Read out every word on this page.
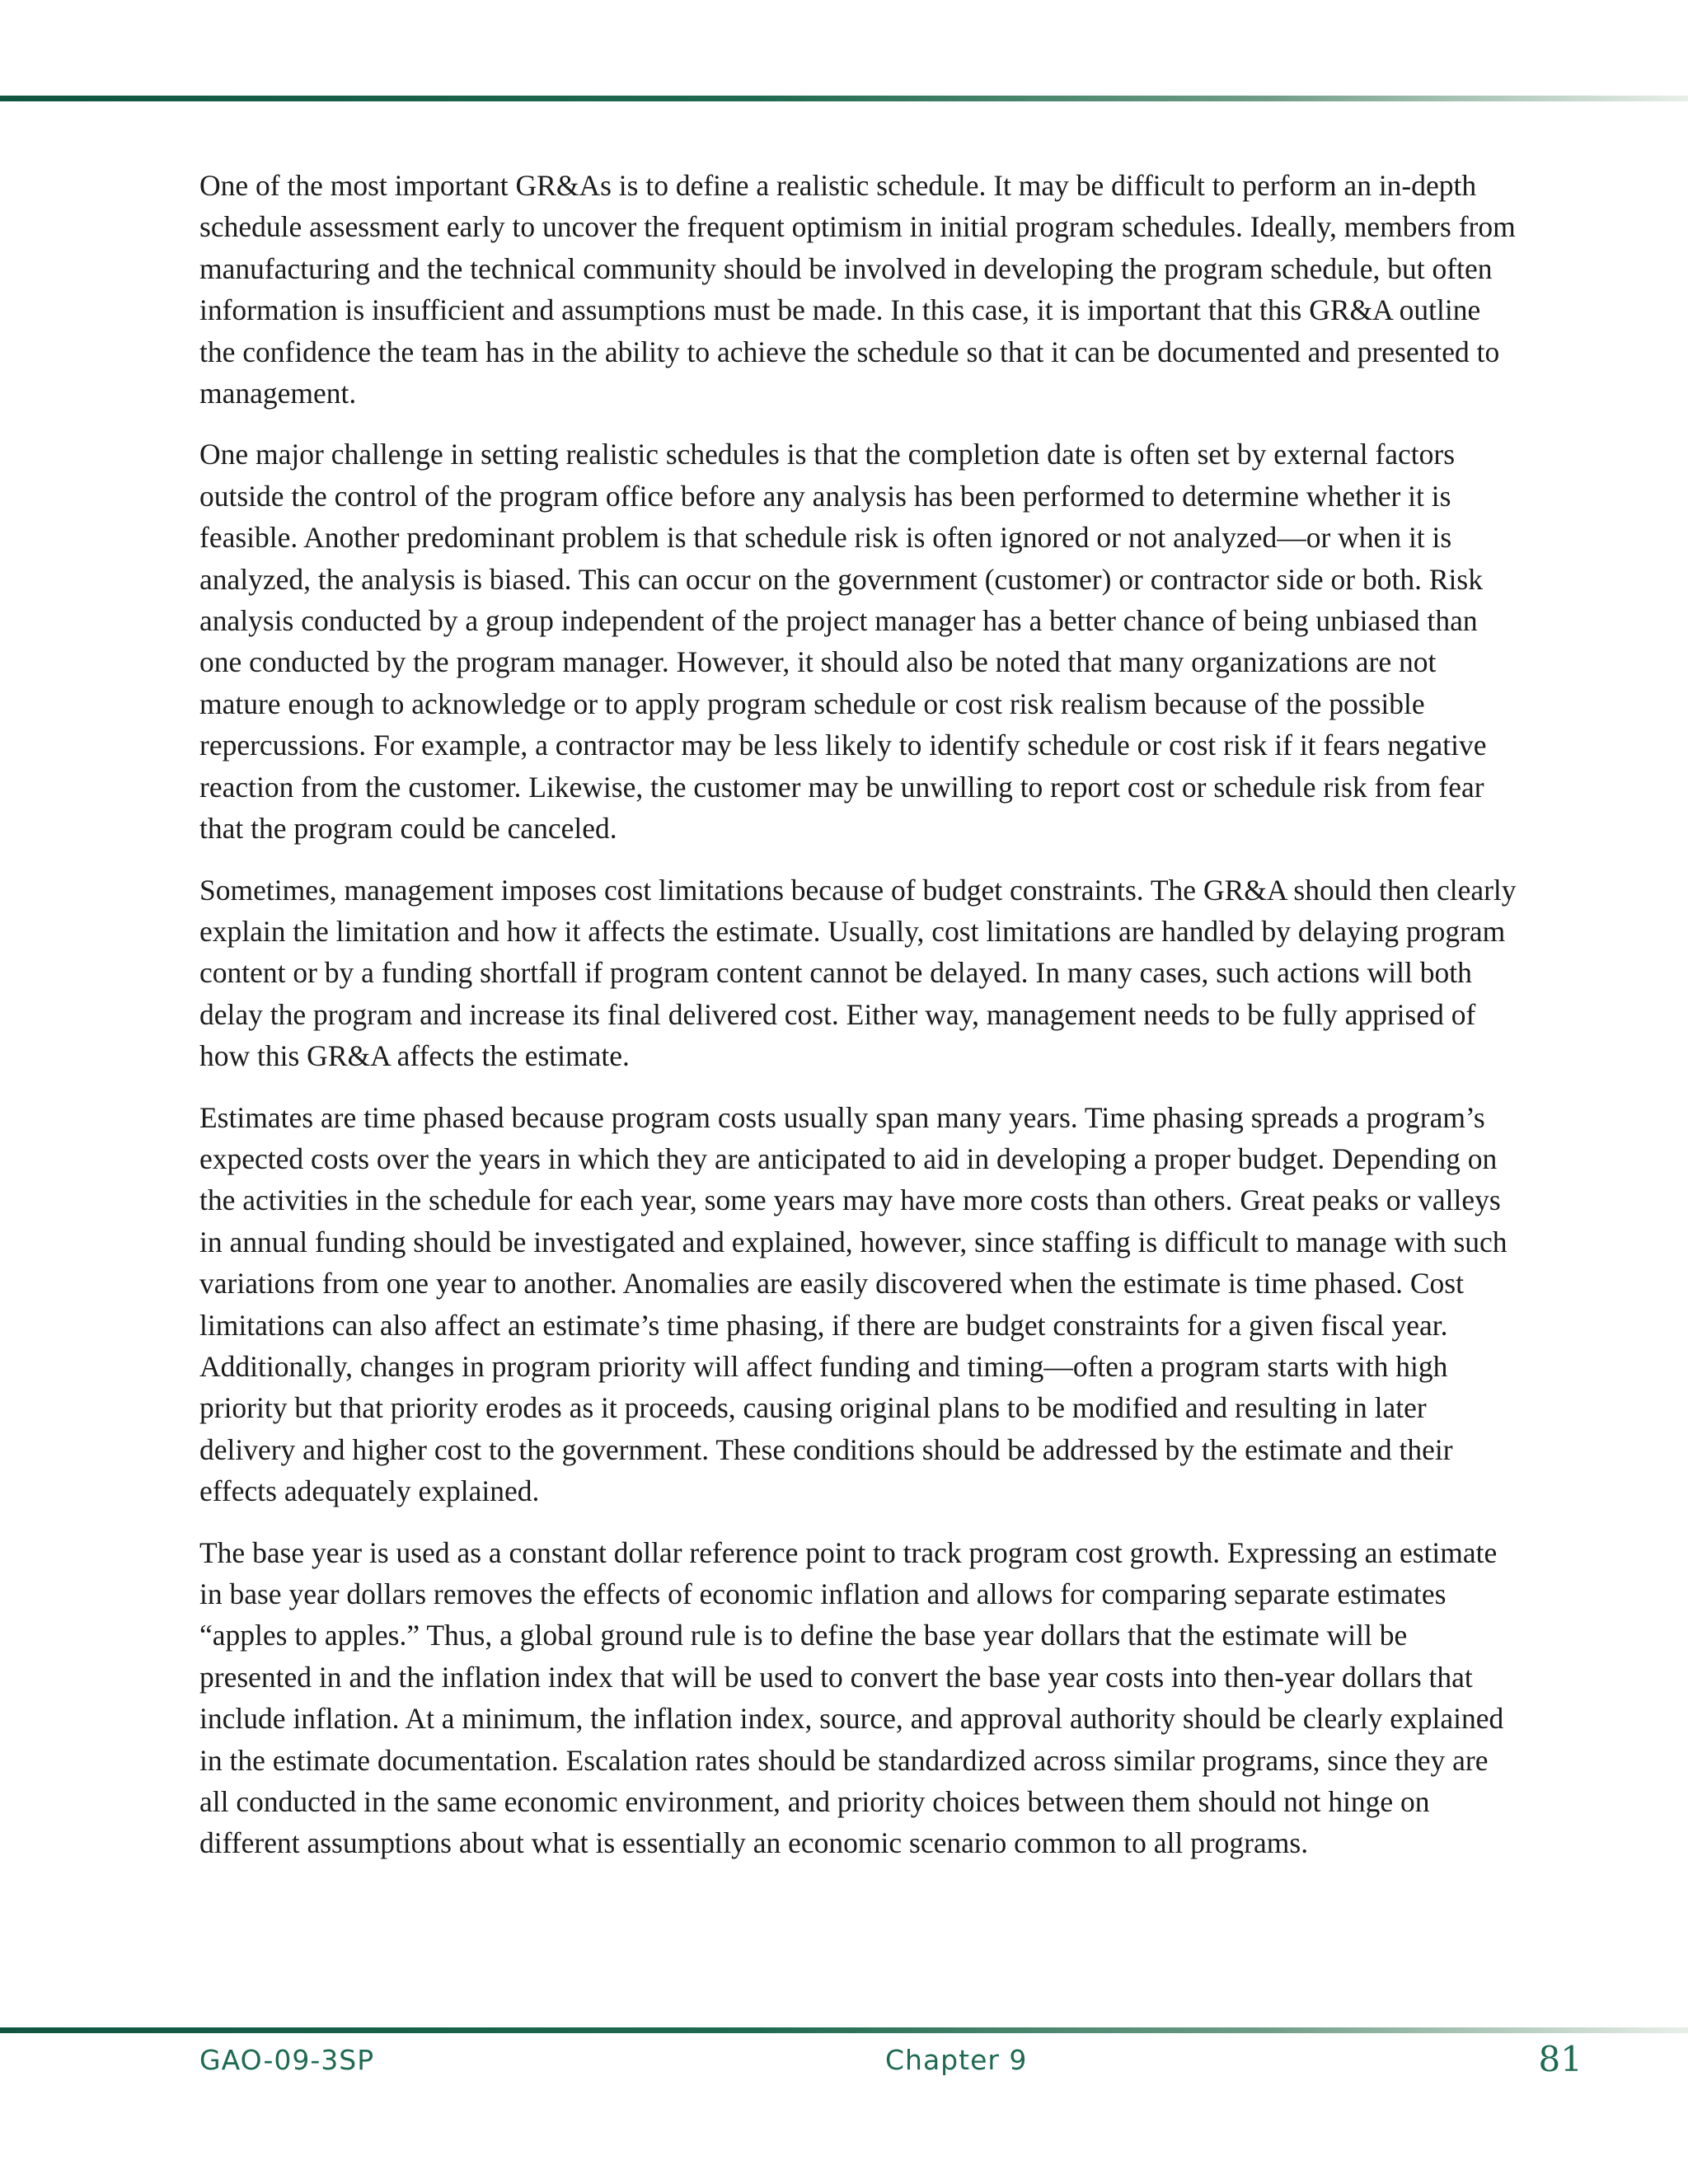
One of the most important GR&As is to define a realistic schedule. It may be difficult to perform an in-depth schedule assessment early to uncover the frequent optimism in initial program schedules. Ideally, members from manufacturing and the technical community should be involved in developing the program schedule, but often information is insufficient and assumptions must be made. In this case, it is important that this GR&A outline the confidence the team has in the ability to achieve the schedule so that it can be documented and presented to management.

One major challenge in setting realistic schedules is that the completion date is often set by external factors outside the control of the program office before any analysis has been performed to determine whether it is feasible. Another predominant problem is that schedule risk is often ignored or not analyzed—or when it is analyzed, the analysis is biased. This can occur on the government (customer) or contractor side or both. Risk analysis conducted by a group independent of the project manager has a better chance of being unbiased than one conducted by the program manager. However, it should also be noted that many organizations are not mature enough to acknowledge or to apply program schedule or cost risk realism because of the possible repercussions. For example, a contractor may be less likely to identify schedule or cost risk if it fears negative reaction from the customer. Likewise, the customer may be unwilling to report cost or schedule risk from fear that the program could be canceled.

Sometimes, management imposes cost limitations because of budget constraints. The GR&A should then clearly explain the limitation and how it affects the estimate. Usually, cost limitations are handled by delaying program content or by a funding shortfall if program content cannot be delayed. In many cases, such actions will both delay the program and increase its final delivered cost. Either way, management needs to be fully apprised of how this GR&A affects the estimate.

Estimates are time phased because program costs usually span many years. Time phasing spreads a program’s expected costs over the years in which they are anticipated to aid in developing a proper budget. Depending on the activities in the schedule for each year, some years may have more costs than others. Great peaks or valleys in annual funding should be investigated and explained, however, since staffing is difficult to manage with such variations from one year to another. Anomalies are easily discovered when the estimate is time phased. Cost limitations can also affect an estimate’s time phasing, if there are budget constraints for a given fiscal year. Additionally, changes in program priority will affect funding and timing—often a program starts with high priority but that priority erodes as it proceeds, causing original plans to be modified and resulting in later delivery and higher cost to the government. These conditions should be addressed by the estimate and their effects adequately explained.

The base year is used as a constant dollar reference point to track program cost growth. Expressing an estimate in base year dollars removes the effects of economic inflation and allows for comparing separate estimates “apples to apples.” Thus, a global ground rule is to define the base year dollars that the estimate will be presented in and the inflation index that will be used to convert the base year costs into then-year dollars that include inflation. At a minimum, the inflation index, source, and approval authority should be clearly explained in the estimate documentation. Escalation rates should be standardized across similar programs, since they are all conducted in the same economic environment, and priority choices between them should not hinge on different assumptions about what is essentially an economic scenario common to all programs.

GAO-09-3SP	Chapter 9	81
